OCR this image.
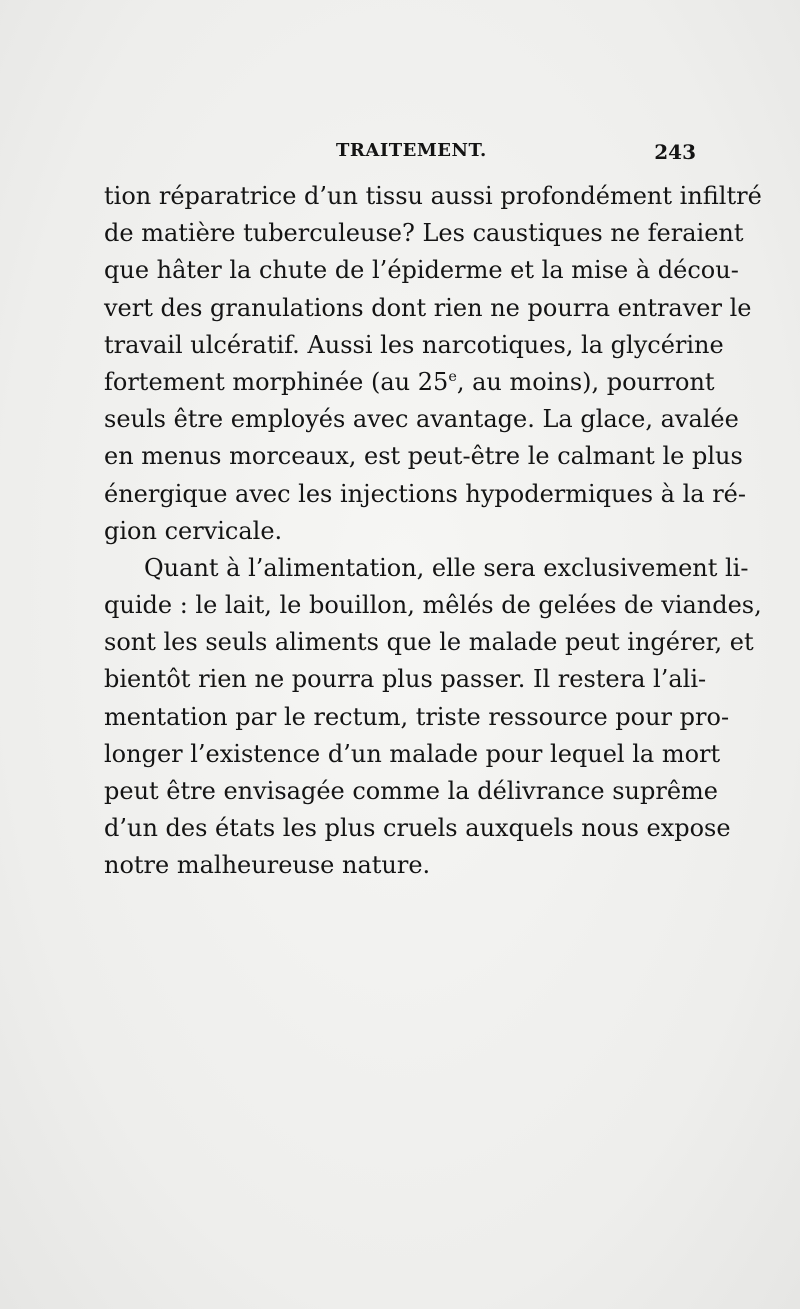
TRAITEMENT.	243
tion réparatrice d’un tissu aussi profondément infiltré
de matière tuberculeuse? Les caustiques ne feraient
que hâter la chute de l’épiderme et la mise à décou-
vert des granulations dont rien ne pourra entraver le
travail ulcératif. Aussi les narcotiques, la glycérine
fortement morphinée (au 25e, au moins), pourront
seuls être employés avec avantage. La glace, avalée
en menus morceaux, est peut-être le calmant le plus
énergique avec les injections hypodermiques à la ré-
gion cervicale.
Quant à l’alimentation, elle sera exclusivement li-
quide : le lait, le bouillon, mêlés de gelées de viandes,
sont les seuls aliments que le malade peut ingérer, et
bientôt rien ne pourra plus passer. Il restera l’ali-
mentation par le rectum, triste ressource pour pro-
longer l’existence d’un malade pour lequel la mort
peut être envisagée comme la délivrance suprême
d’un des états les plus cruels auxquels nous expose
notre malheureuse nature.
